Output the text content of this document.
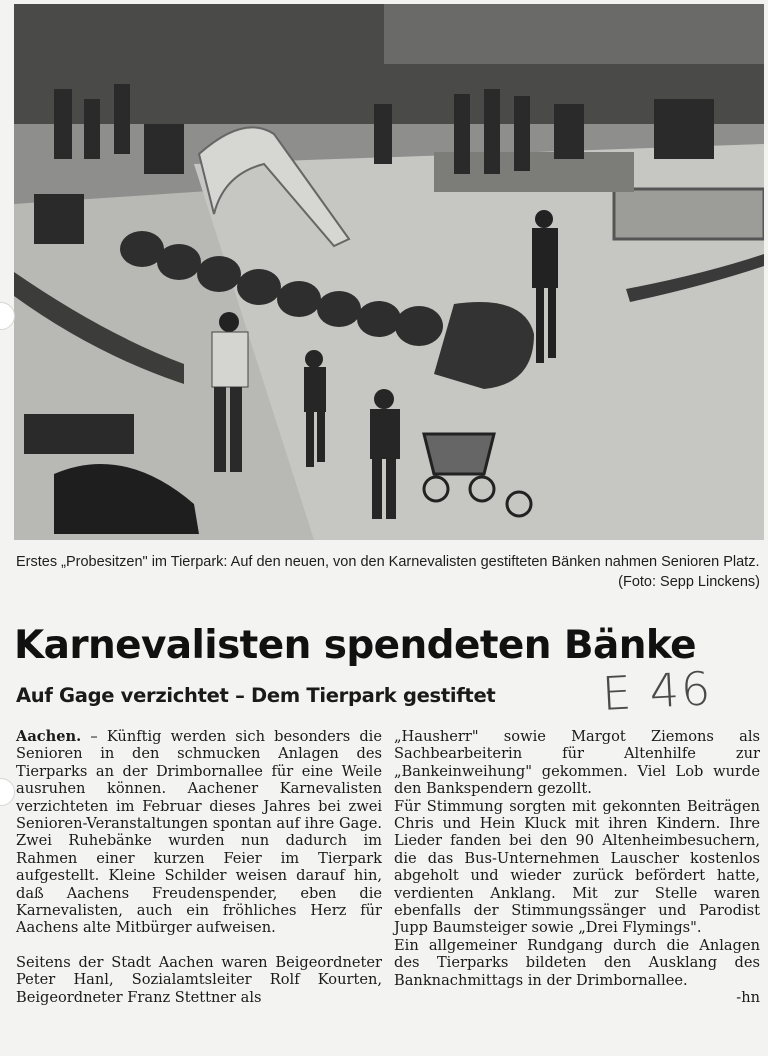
Erstes „Probesitzen" im Tierpark: Auf den neuen, von den Karnevalisten gestifteten Bänken nahmen Senioren Platz.
(Foto: Sepp Linckens)
Karnevalisten spendeten Bänke
Auf Gage verzichtet – Dem Tierpark gestiftet	E 46

Aachen. – Künftig werden sich besonders die Senioren in den schmucken Anlagen des Tierparks an der Drimbornallee für eine Weile ausruhen können. Aachener Karnevalisten verzichteten im Februar dieses Jahres bei zwei Senioren-Veranstaltungen spontan auf ihre Gage. Zwei Ruhebänke wurden nun dadurch im Rahmen einer kurzen Feier im Tierpark aufgestellt. Kleine Schilder weisen darauf hin, daß Aachens Freudenspender, eben die Karnevalisten, auch ein fröhliches Herz für Aachens alte Mitbürger aufweisen.

Seitens der Stadt Aachen waren Beigeordneter Peter Hanl, Sozialamtsleiter Rolf Kourten, Beigeordneter Franz Stettner als

„Hausherr" sowie Margot Ziemons als Sachbearbeiterin für Altenhilfe zur „Bankeinweihung" gekommen. Viel Lob wurde den Bankspendern gezollt.

Für Stimmung sorgten mit gekonnten Beiträgen Chris und Hein Kluck mit ihren Kindern. Ihre Lieder fanden bei den 90 Altenheimbesuchern, die das Bus-Unternehmen Lauscher kostenlos abgeholt und wieder zurück befördert hatte, verdienten Anklang. Mit zur Stelle waren ebenfalls der Stimmungssänger und Parodist Jupp Baumsteiger sowie „Drei Flymings".

Ein allgemeiner Rundgang durch die Anlagen des Tierparks bildeten den Ausklang des Banknachmittags in der Drimbornallee.

-hn
